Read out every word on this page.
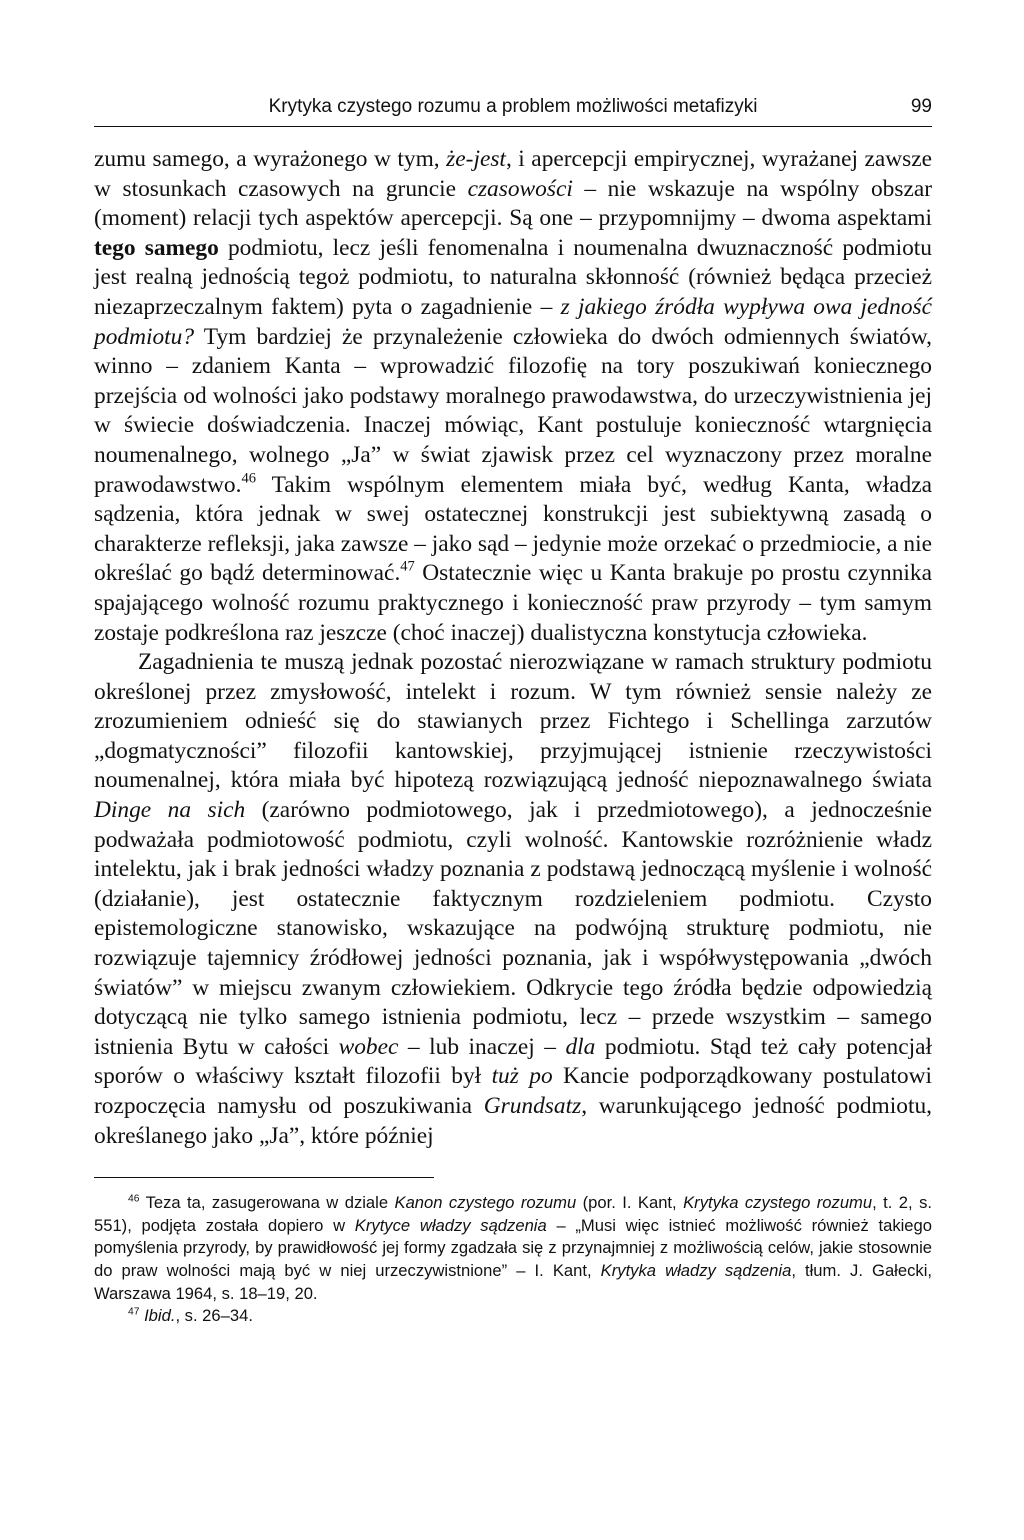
Krytyka czystego rozumu a problem możliwości metafizyki	99

zumu samego, a wyrażonego w tym, że-jest, i apercepcji empirycznej, wyrażanej zawsze w stosunkach czasowych na gruncie czasowości – nie wskazuje na wspólny obszar (moment) relacji tych aspektów apercepcji. Są one – przypomnijmy – dwoma aspektami tego samego podmiotu, lecz jeśli fenomenalna i noumenalna dwuznaczność podmiotu jest realną jednością tegoż podmiotu, to naturalna skłonność (również będąca przecież niezaprzeczalnym faktem) pyta o zagadnienie – z jakiego źródła wypływa owa jedność podmiotu? Tym bardziej że przynależenie człowieka do dwóch odmiennych światów, winno – zdaniem Kanta – wprowadzić filozofię na tory poszukiwań koniecznego przejścia od wolności jako podstawy moralnego prawodawstwa, do urzeczywistnienia jej w świecie doświadczenia. Inaczej mówiąc, Kant postuluje konieczność wtargnięcia noumenalnego, wolnego „Ja” w świat zjawisk przez cel wyznaczony przez moralne prawodawstwo.$^{46}$ Takim wspólnym elementem miała być, według Kanta, władza sądzenia, która jednak w swej ostatecznej konstrukcji jest subiektywną zasadą o charakterze refleksji, jaka zawsze – jako sąd – jedynie może orzekać o przedmiocie, a nie określać go bądź determinować.$^{47}$ Ostatecznie więc u Kanta brakuje po prostu czynnika spajającego wolność rozumu praktycznego i konieczność praw przyrody – tym samym zostaje podkreślona raz jeszcze (choć inaczej) dualistyczna konstytucja człowieka.

Zagadnienia te muszą jednak pozostać nierozwiązane w ramach struktury podmiotu określonej przez zmysłowość, intelekt i rozum. W tym również sensie należy ze zrozumieniem odnieść się do stawianych przez Fichtego i Schellinga zarzutów „dogmatyczności” filozofii kantowskiej, przyjmującej istnienie rzeczywistości noumenalnej, która miała być hipotezą rozwiązującą jedność niepoznawalnego świata Dinge na sich (zarówno podmiotowego, jak i przedmiotowego), a jednocześnie podważała podmiotowość podmiotu, czyli wolność. Kantowskie rozróżnienie władz intelektu, jak i brak jedności władzy poznania z podstawą jednoczącą myślenie i wolność (działanie), jest ostatecznie faktycznym rozdzieleniem podmiotu. Czysto epistemologiczne stanowisko, wskazujące na podwójną strukturę podmiotu, nie rozwiązuje tajemnicy źródłowej jedności poznania, jak i współwystępowania „dwóch światów” w miejscu zwanym człowiekiem. Odkrycie tego źródła będzie odpowiedzią dotyczącą nie tylko samego istnienia podmiotu, lecz – przede wszystkim – samego istnienia Bytu w całości wobec – lub inaczej – dla podmiotu. Stąd też cały potencjał sporów o właściwy kształt filozofii był tuż po Kancie podporządkowany postulatowi rozpoczęcia namysłu od poszukiwania Grundsatz, warunkującego jedność podmiotu, określanego jako „Ja”, które później

$^{46}$ Teza ta, zasugerowana w dziale Kanon czystego rozumu (por. I. Kant, Krytyka czystego rozumu, t. 2, s. 551), podjęta została dopiero w Krytyce władzy sądzenia – „Musi więc istnieć możliwość również takiego pomyślenia przyrody, by prawidłowość jej formy zgadzała się z przynajmniej z możliwością celów, jakie stosownie do praw wolności mają być w niej urzeczywistnione” – I. Kant, Krytyka władzy sądzenia, tłum. J. Gałecki, Warszawa 1964, s. 18–19, 20.

$^{47}$ Ibid., s. 26–34.
